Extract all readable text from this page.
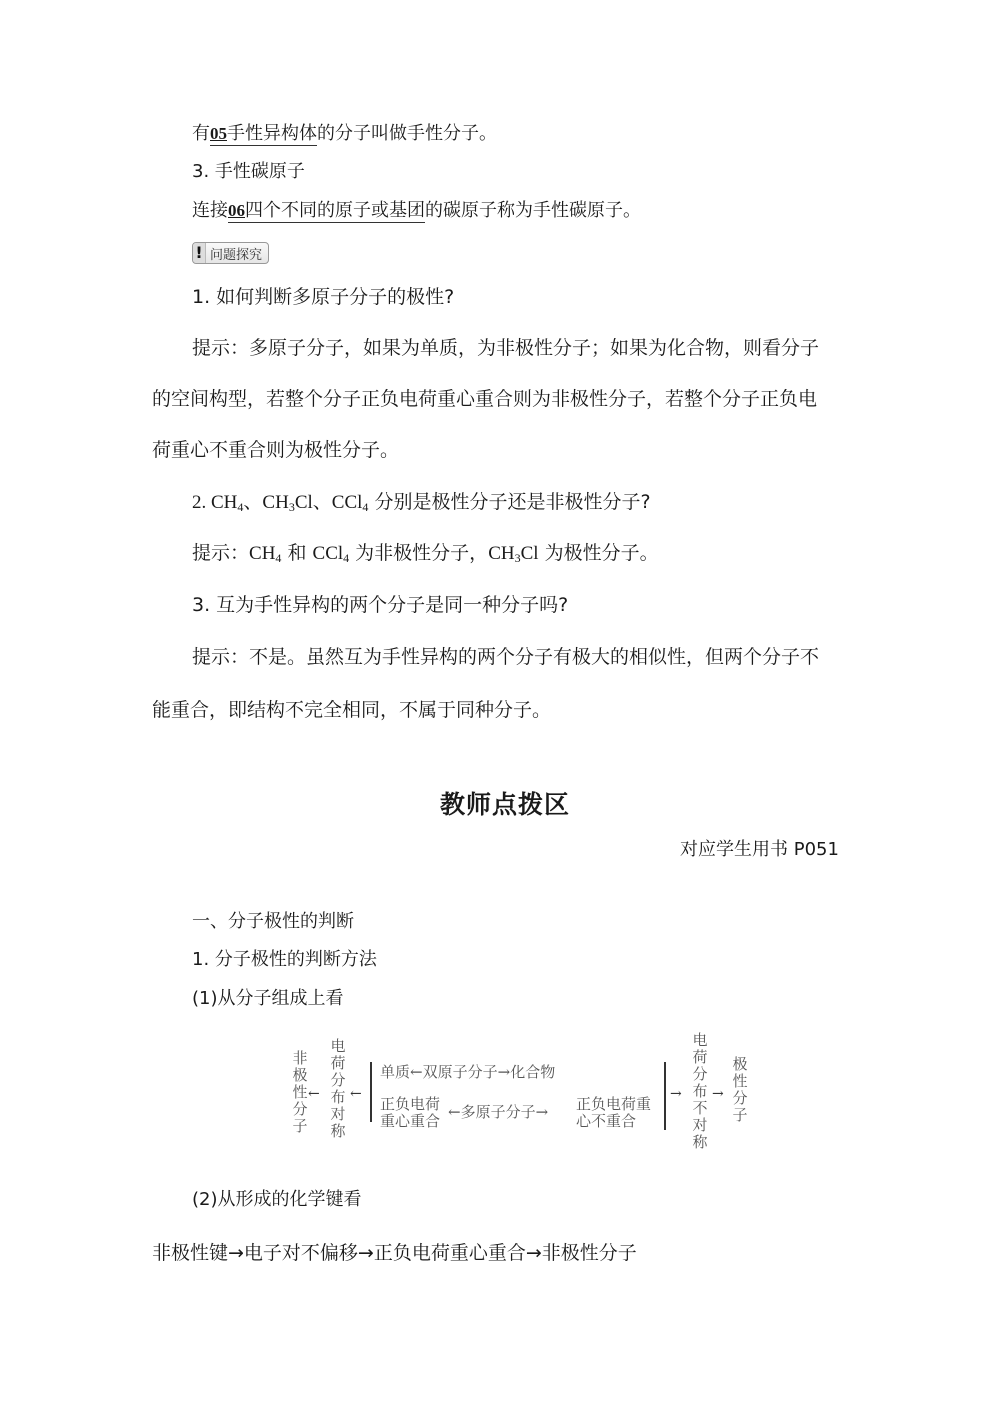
有05手性异构体的分子叫做手性分子。
3. 手性碳原子
连接06四个不同的原子或基团的碳原子称为手性碳原子。
! 问题探究
1. 如何判断多原子分子的极性?
提示：多原子分子，如果为单质，为非极性分子；如果为化合物，则看分子
的空间构型，若整个分子正负电荷重心重合则为非极性分子，若整个分子正负电
荷重心不重合则为极性分子。
2. $CH_4$、$CH_3Cl$、CCl$_4$ 分别是极性分子还是非极性分子?
提示：$CH_4$ 和 CCl$_4$ 为非极性分子，$CH_3Cl$ 为极性分子。
3. 互为手性异构的两个分子是同一种分子吗?
提示：不是。虽然互为手性异构的两个分子有极大的相似性，但两个分子不
能重合，即结构不完全相同，不属于同种分子。
教师点拨区
对应学生用书 P051
一、分子极性的判断
1. 分子极性的判断方法
(1)从分子组成上看
非极性分子 ← 电荷分布对称 ←
单质←双原子分子→化合物
正负电荷
重心重合 ←多原子分子→ 正负电荷重
心不重合
→ 电荷分布不对称 → 极性分子
(2)从形成的化学键看
非极性键→电子对不偏移→正负电荷重心重合→非极性分子
